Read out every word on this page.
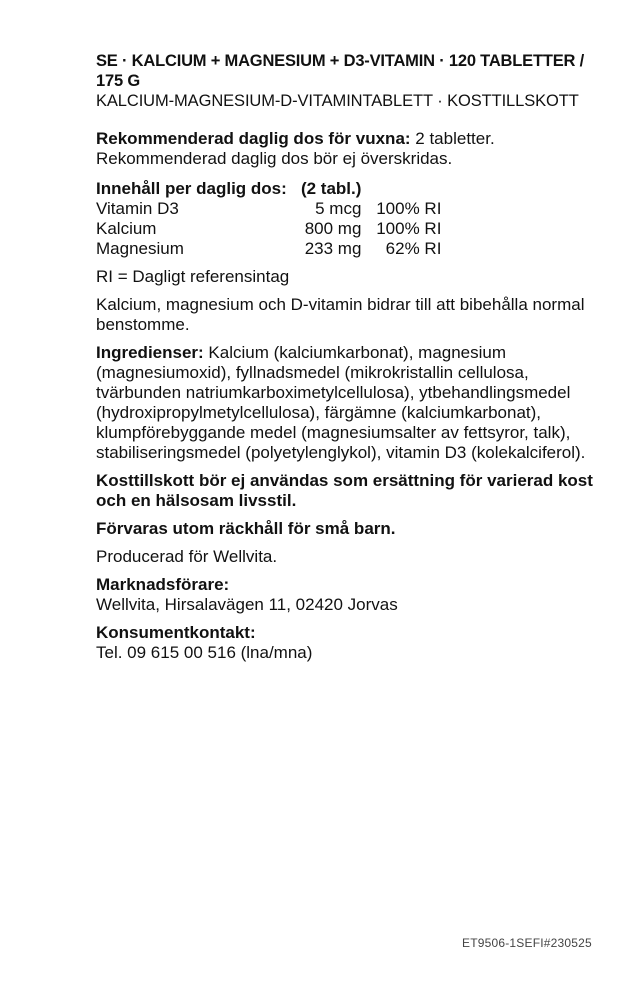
SE · KALCIUM + MAGNESIUM + D3-VITAMIN · 120 TABLETTER / 175 G

KALCIUM-MAGNESIUM-D-VITAMINTABLETT · KOSTTILLSKOTT

Rekommenderad daglig dos för vuxna: 2 tabletter.

Rekommenderad daglig dos bör ej överskridas.

Innehåll per daglig dos: (2 tabl.)		
Vitamin D3	5 mcg	100% RI
Kalcium	800 mg	100% RI
Magnesium	233 mg	62% RI

RI = Dagligt referensintag

Kalcium, magnesium och D-vitamin bidrar till att bibehålla normal benstomme.

Ingredienser: Kalcium (kalciumkarbonat), magnesium (magnesiumoxid), fyllnadsmedel (mikrokristallin cellulosa, tvärbunden natriumkarboximetylcellulosa), ytbehandlingsmedel (hydroxipropylmetylcellulosa), färgämne (kalciumkarbonat), klumpförebyggande medel (magnesiumsalter av fettsyror, talk), stabiliseringsmedel (polyetylenglykol), vitamin D3 (kolekalciferol).

Kosttillskott bör ej användas som ersättning för varierad kost och en hälsosam livsstil.

Förvaras utom räckhåll för små barn.

Producerad för Wellvita.

Marknadsförare:

Wellvita, Hirsalavägen 11, 02420 Jorvas

Konsumentkontakt:

Tel. 09 615 00 516 (lna/mna)

ET9506-1SEFI#230525
